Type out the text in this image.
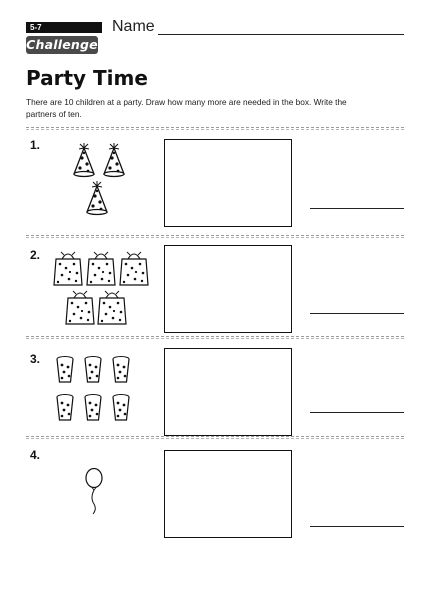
5-7
Challenge
Name
Party Time
There are 10 children at a party. Draw how many more are needed in the box. Write the partners of ten.
1.
2.
3.
4.
